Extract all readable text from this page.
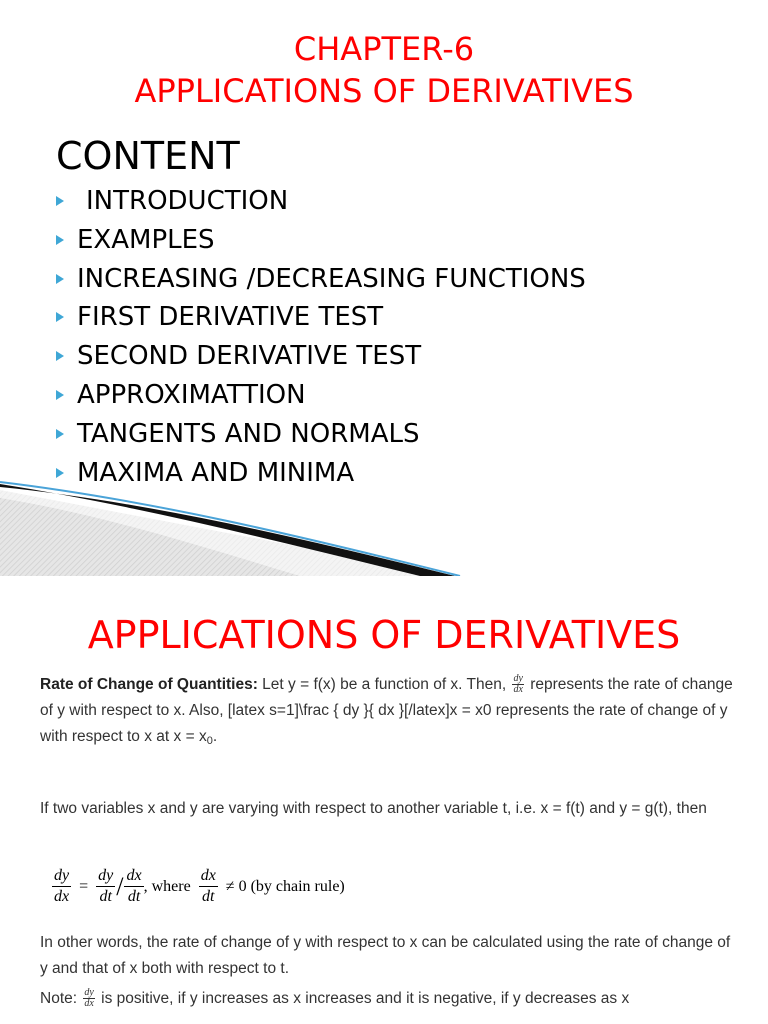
CHAPTER-6
APPLICATIONS OF DERIVATIVES
CONTENT
INTRODUCTION
EXAMPLES
INCREASING /DECREASING FUNCTIONS
FIRST DERIVATIVE TEST
SECOND DERIVATIVE TEST
APPROXIMATTION
TANGENTS AND NORMALS
MAXIMA AND MINIMA
APPLICATIONS OF DERIVATIVES

Rate of Change of Quantities: Let y = f(x) be a function of x. Then, $\frac{dy}{dx}$ represents the rate of change of y with respect to x. Also, [latex s=1]\frac { dy }{ dx }[/latex]x = x0 represents the rate of change of y with respect to x at $x = x_0$.

If two variables x and y are varying with respect to another variable t, i.e. x = f(t) and y = g(t), then

$\frac{dy}{dx} = \frac{dy}{dt} / \frac{dx}{dt}$ , where $\frac{dx}{dt} \ne 0$ (by chain rule)

In other words, the rate of change of y with respect to x can be calculated using the rate of change of y and that of x both with respect to t.

Note: $\frac{dy}{dx}$ is positive, if y increases as x increases and it is negative, if y decreases as x
